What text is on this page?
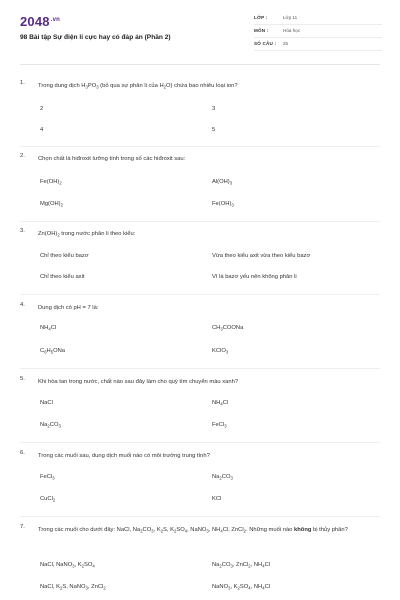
$2048^{.vn}$
98 Bài tập Sự điện li cực hay có đáp án (Phần 2)
LỚP :	Lớp 11
MÔN :	Hóa học
SỐ CÂU : 25
1. Trong dung dịch $H_3PO_3$ (bỏ qua sự phân li của $H_2O$) chứa bao nhiêu loại ion?
2	3
4	5
2. Chọn chất là hiđroxit lưỡng tính trong số các hiđroxit sau:
$Fe(OH)_2$	$Al(OH)_3$
$Mg(OH)_2$	$Fe(OH)_3$
3. $Zn(OH)_2$ trong nước phân li theo kiểu:
Chỉ theo kiểu bazơ	Vừa theo kiểu axit vừa theo kiểu bazơ
Chỉ theo kiểu axit	Vì là bazơ yếu nên không phân li
4. Dung dịch có pH = 7 là:
$NH_4Cl$	$CH_3COONa$
$C_6H_5ONa$	KClO$_3$
5. Khi hòa tan trong nước, chất nào sau đây làm cho quỳ tím chuyển màu xanh?
NaCl	$NH_4Cl$
$Na_2CO_3$	FeCl$_3$
6. Trong các muối sau, dung dịch muối nào có môi trường trung tính?
FeCl$_3$	$Na_2CO_3$
CuCl$_2$	KCl
7. Trong các muối cho dưới đây: NaCl, $Na_2CO_3$, $K_2S$, $K_2SO_4$, NaNO$_3$, $NH_4Cl$, ZnCl$_2$. Những muối nào không bị thủy phân?
NaCl, NaNO$_3$, $K_2SO_4$	$Na_2CO_3$, ZnCl$_2$, $NH_4Cl$
NaCl, $K_2S$, NaNO$_3$, ZnCl$_2$	NaNO$_3$, $K_2SO_4$, $NH_4Cl$
